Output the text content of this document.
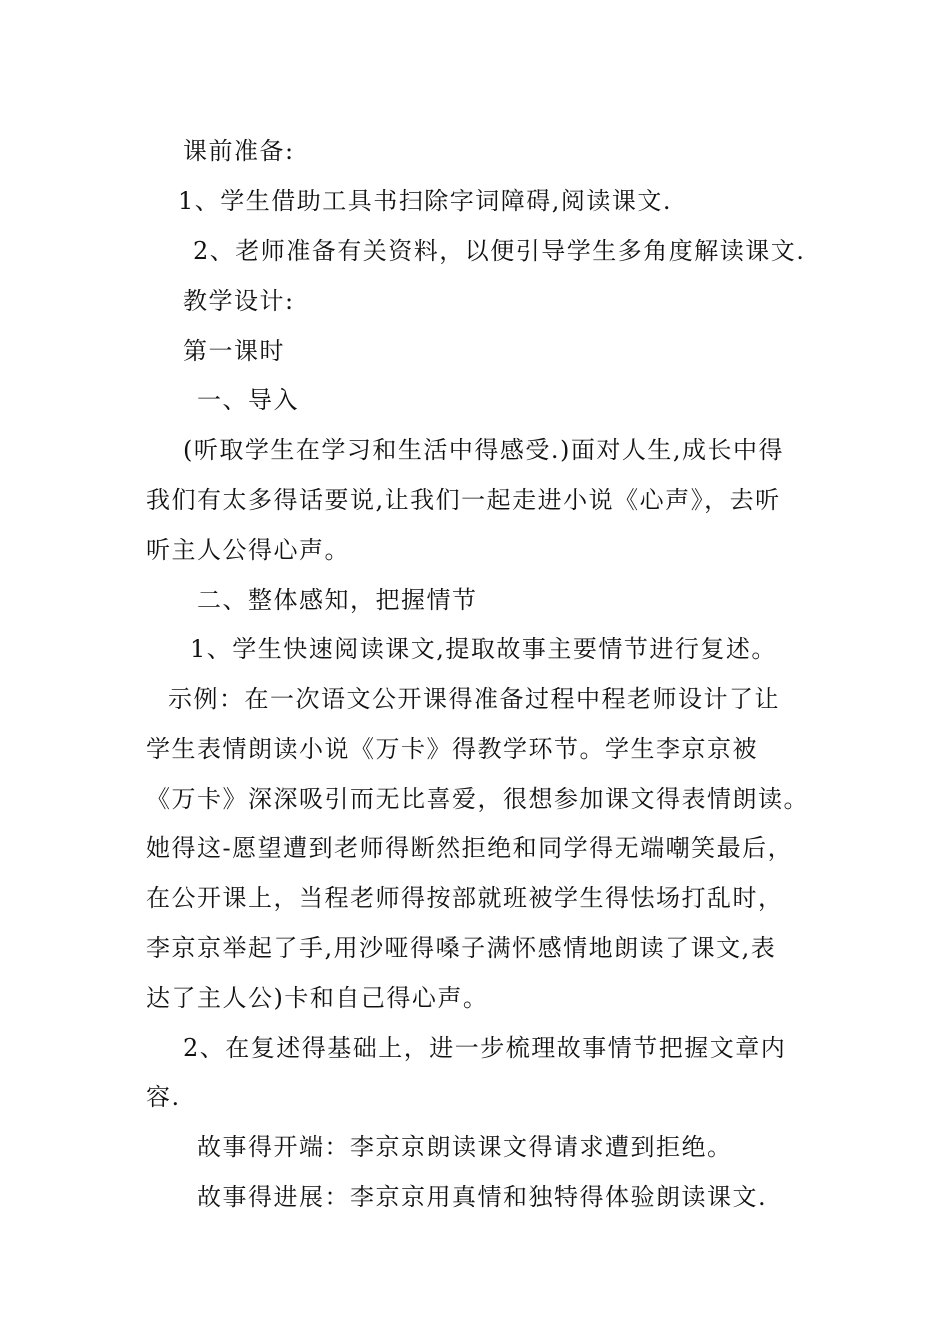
课前准备:
1、学生借助工具书扫除字词障碍,阅读课文.
2、老师准备有关资料，以便引导学生多角度解读课文.
教学设计:
第一课时
一、导入
(听取学生在学习和生活中得感受.)面对人生,成长中得
我们有太多得话要说,让我们一起走进小说《心声》，去听
听主人公得心声。
二、整体感知，把握情节
1、学生快速阅读课文,提取故事主要情节进行复述。
示例：在一次语文公开课得准备过程中程老师设计了让
学生表情朗读小说《万卡》得教学环节。学生李京京被
《万卡》深深吸引而无比喜爱，很想参加课文得表情朗读。
她得这-愿望遭到老师得断然拒绝和同学得无端嘲笑最后，
在公开课上，当程老师得按部就班被学生得怯场打乱时，
李京京举起了手,用沙哑得嗓子满怀感情地朗读了课文,表
达了主人公)卡和自己得心声。
2、在复述得基础上，进一步梳理故事情节把握文章内
容.
故事得开端：李京京朗读课文得请求遭到拒绝。
故事得进展：李京京用真情和独特得体验朗读课文.
